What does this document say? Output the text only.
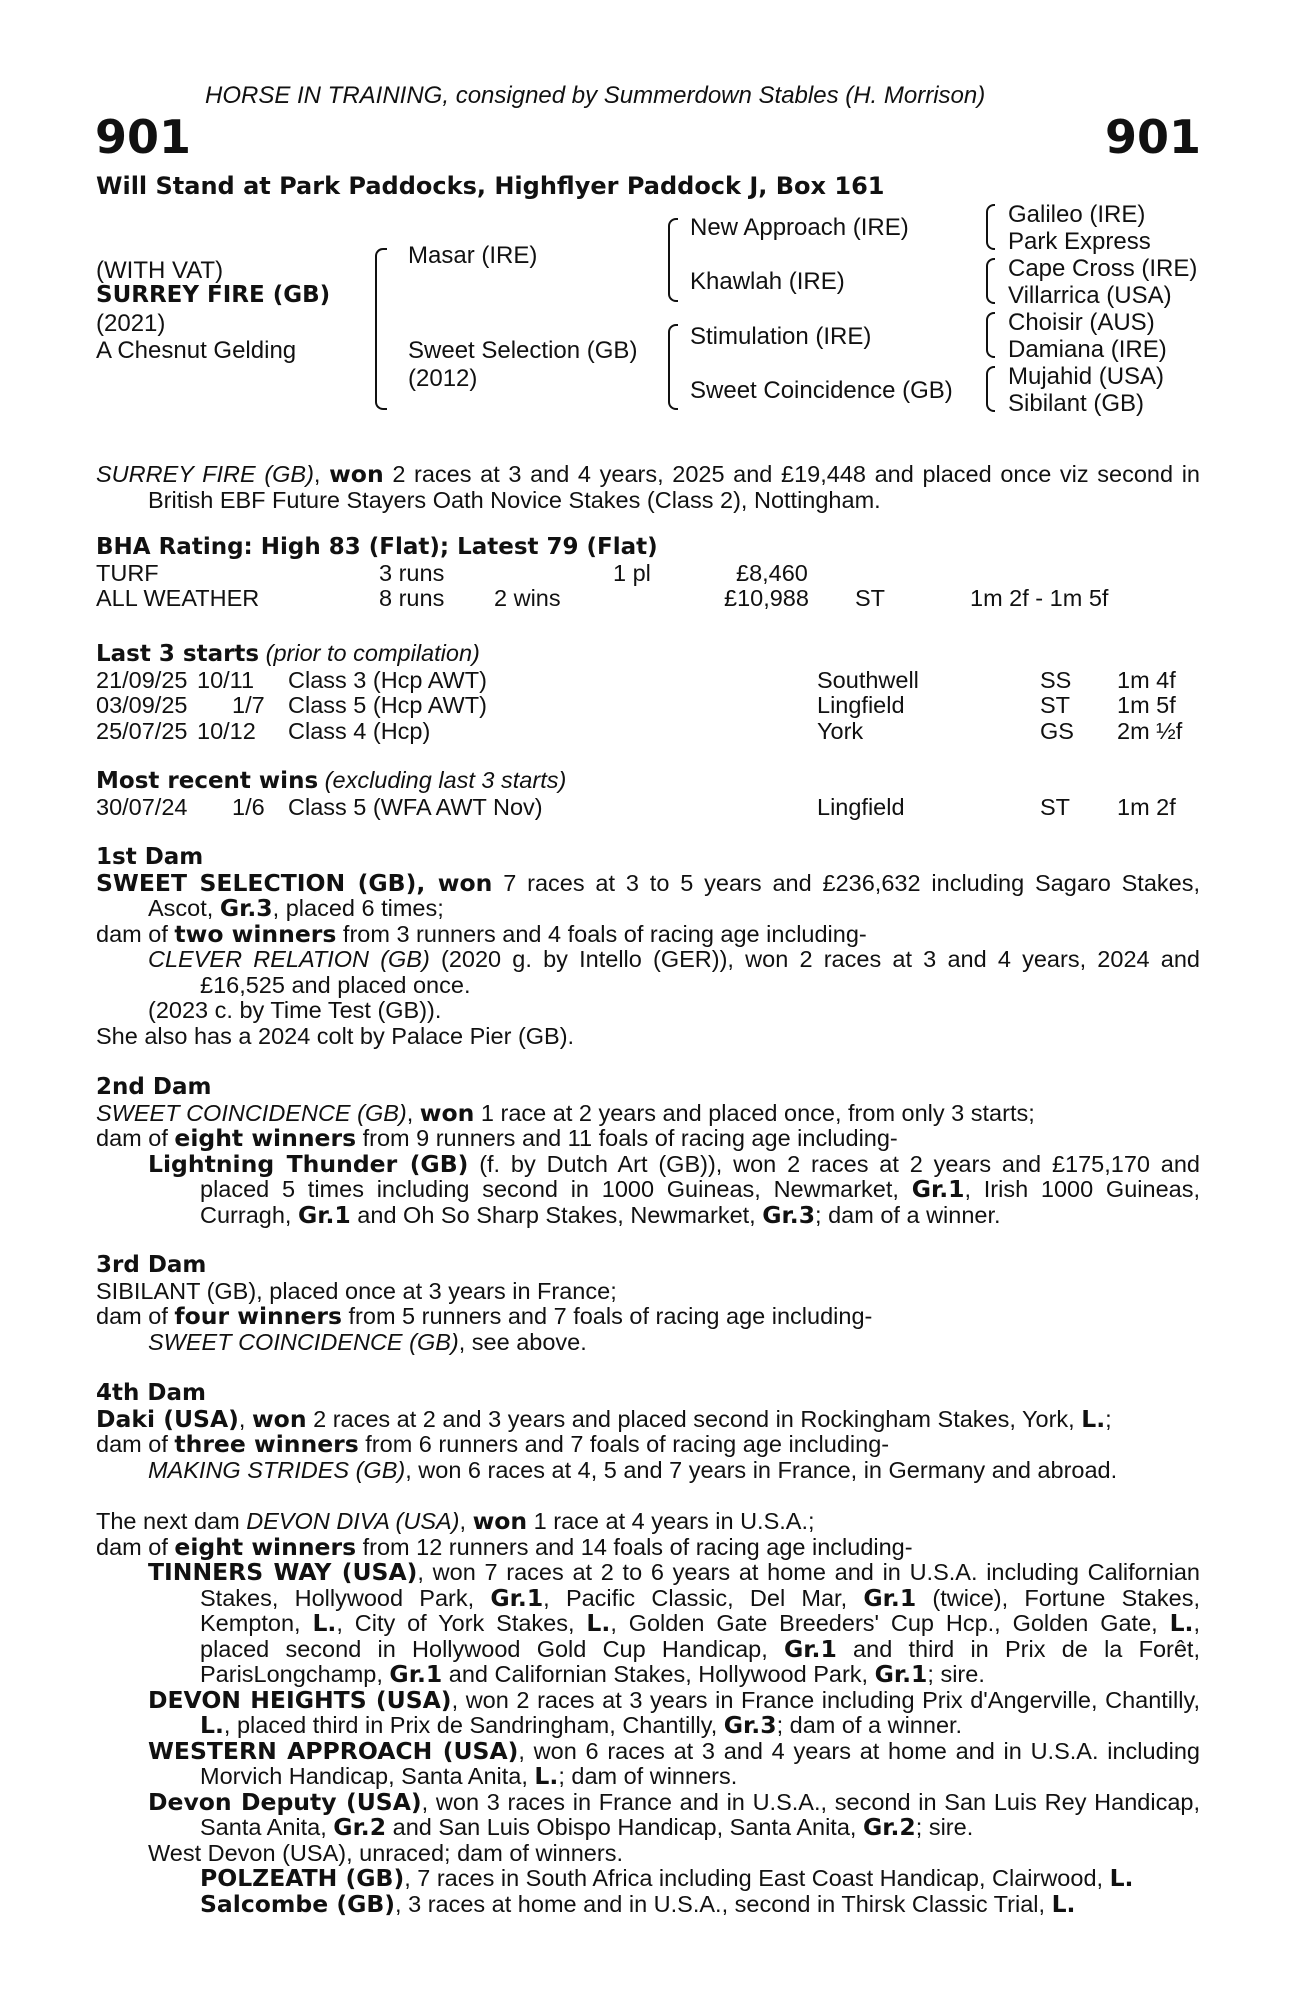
HORSE IN TRAINING, consigned by Summerdown Stables (H. Morrison)
901	901
Will Stand at Park Paddocks, Highflyer Paddock J, Box 161
(WITH VAT)
SURREY FIRE (GB)
(2021)
A Chesnut Gelding
Masar (IRE)
Sweet Selection (GB)
(2012)
New Approach (IRE)
Khawlah (IRE)
Stimulation (IRE)
Sweet Coincidence (GB)
Galileo (IRE)
Park Express
Cape Cross (IRE)
Villarrica (USA)
Choisir (AUS)
Damiana (IRE)
Mujahid (USA)
Sibilant (GB)

SURREY FIRE (GB), won 2 races at 3 and 4 years, 2025 and £19,448 and placed once viz second in British EBF Future Stayers Oath Novice Stakes (Class 2), Nottingham.

BHA Rating: High 83 (Flat); Latest 79 (Flat)
TURF	3 runs	1 pl	£8,460
ALL WEATHER	8 runs 2 wins	£10,988 ST	1m 2f - 1m 5f
Last 3 starts (prior to compilation)
21/09/25 10/11 Class 3 (Hcp AWT)	Southwell	SS 1m 4f
03/09/25 1/7 Class 5 (Hcp AWT)	Lingfield	ST 1m 5f
25/07/25 10/12 Class 4 (Hcp)	York	GS 2m ½f
Most recent wins (excluding last 3 starts)
30/07/24 1/6 Class 5 (WFA AWT Nov)	Lingfield	ST 1m 2f
1st Dam

SWEET SELECTION (GB), won 7 races at 3 to 5 years and £236,632 including Sagaro Stakes, Ascot, Gr.3, placed 6 times;

dam of two winners from 3 runners and 4 foals of racing age including-

CLEVER RELATION (GB) (2020 g. by Intello (GER)), won 2 races at 3 and 4 years, 2024 and £16,525 and placed once.

(2023 c. by Time Test (GB)).

She also has a 2024 colt by Palace Pier (GB).

2nd Dam

SWEET COINCIDENCE (GB), won 1 race at 2 years and placed once, from only 3 starts;

dam of eight winners from 9 runners and 11 foals of racing age including-

Lightning Thunder (GB) (f. by Dutch Art (GB)), won 2 races at 2 years and £175,170 and placed 5 times including second in 1000 Guineas, Newmarket, Gr.1, Irish 1000 Guineas, Curragh, Gr.1 and Oh So Sharp Stakes, Newmarket, Gr.3; dam of a winner.

3rd Dam

SIBILANT (GB), placed once at 3 years in France;

dam of four winners from 5 runners and 7 foals of racing age including-

SWEET COINCIDENCE (GB), see above.

4th Dam

Daki (USA), won 2 races at 2 and 3 years and placed second in Rockingham Stakes, York, L.;

dam of three winners from 6 runners and 7 foals of racing age including-

MAKING STRIDES (GB), won 6 races at 4, 5 and 7 years in France, in Germany and abroad.

The next dam DEVON DIVA (USA), won 1 race at 4 years in U.S.A.;

dam of eight winners from 12 runners and 14 foals of racing age including-

TINNERS WAY (USA), won 7 races at 2 to 6 years at home and in U.S.A. including Californian Stakes, Hollywood Park, Gr.1, Pacific Classic, Del Mar, Gr.1 (twice), Fortune Stakes, Kempton, L., City of York Stakes, L., Golden Gate Breeders' Cup Hcp., Golden Gate, L., placed second in Hollywood Gold Cup Handicap, Gr.1 and third in Prix de la Forêt, ParisLongchamp, Gr.1 and Californian Stakes, Hollywood Park, Gr.1; sire.

DEVON HEIGHTS (USA), won 2 races at 3 years in France including Prix d'Angerville, Chantilly, L., placed third in Prix de Sandringham, Chantilly, Gr.3; dam of a winner.

WESTERN APPROACH (USA), won 6 races at 3 and 4 years at home and in U.S.A. including Morvich Handicap, Santa Anita, L.; dam of winners.

Devon Deputy (USA), won 3 races in France and in U.S.A., second in San Luis Rey Handicap, Santa Anita, Gr.2 and San Luis Obispo Handicap, Santa Anita, Gr.2; sire.

West Devon (USA), unraced; dam of winners.

POLZEATH (GB), 7 races in South Africa including East Coast Handicap, Clairwood, L.

Salcombe (GB), 3 races at home and in U.S.A., second in Thirsk Classic Trial, L.
